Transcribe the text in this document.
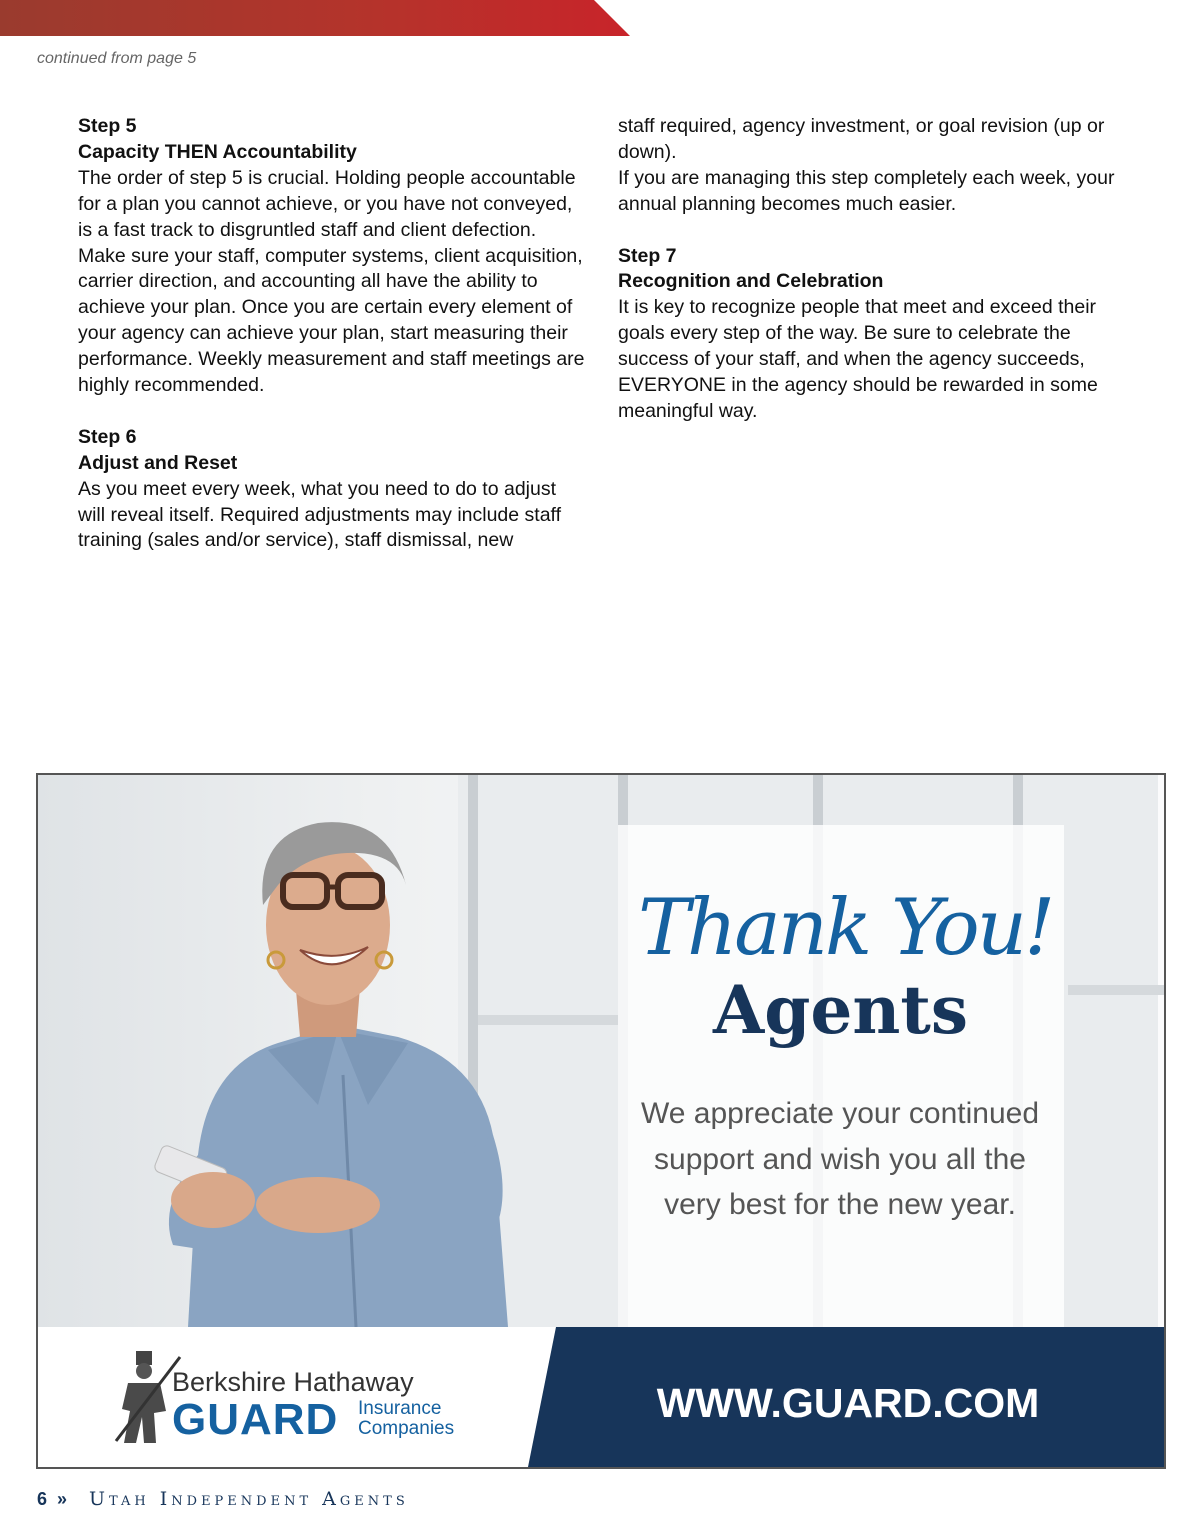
continued from page 5

Step 5

Capacity THEN Accountability

The order of step 5 is crucial. Holding people accountable for a plan you cannot achieve, or you have not conveyed, is a fast track to disgruntled staff and client defection. Make sure your staff, computer systems, client acquisition, carrier direction, and accounting all have the ability to achieve your plan. Once you are certain every element of your agency can achieve your plan, start measuring their performance. Weekly measurement and staff meetings are highly recommended.

Step 6

Adjust and Reset

As you meet every week, what you need to do to adjust will reveal itself. Required adjustments may include staff training (sales and/or service), staff dismissal, new

staff required, agency investment, or goal revision (up or down).

If you are managing this step completely each week, your annual planning becomes much easier.

Step 7

Recognition and Celebration

It is key to recognize people that meet and exceed their goals every step of the way. Be sure to celebrate the success of your staff, and when the agency succeeds, EVERYONE in the agency should be rewarded in some meaningful way.

Thank You!
Agents
We appreciate your continued support and wish you all the very best for the new year.
Berkshire Hathaway
GUARD Insurance
Companies
WWW.GUARD.COM
6 » Utah Independent Agents
